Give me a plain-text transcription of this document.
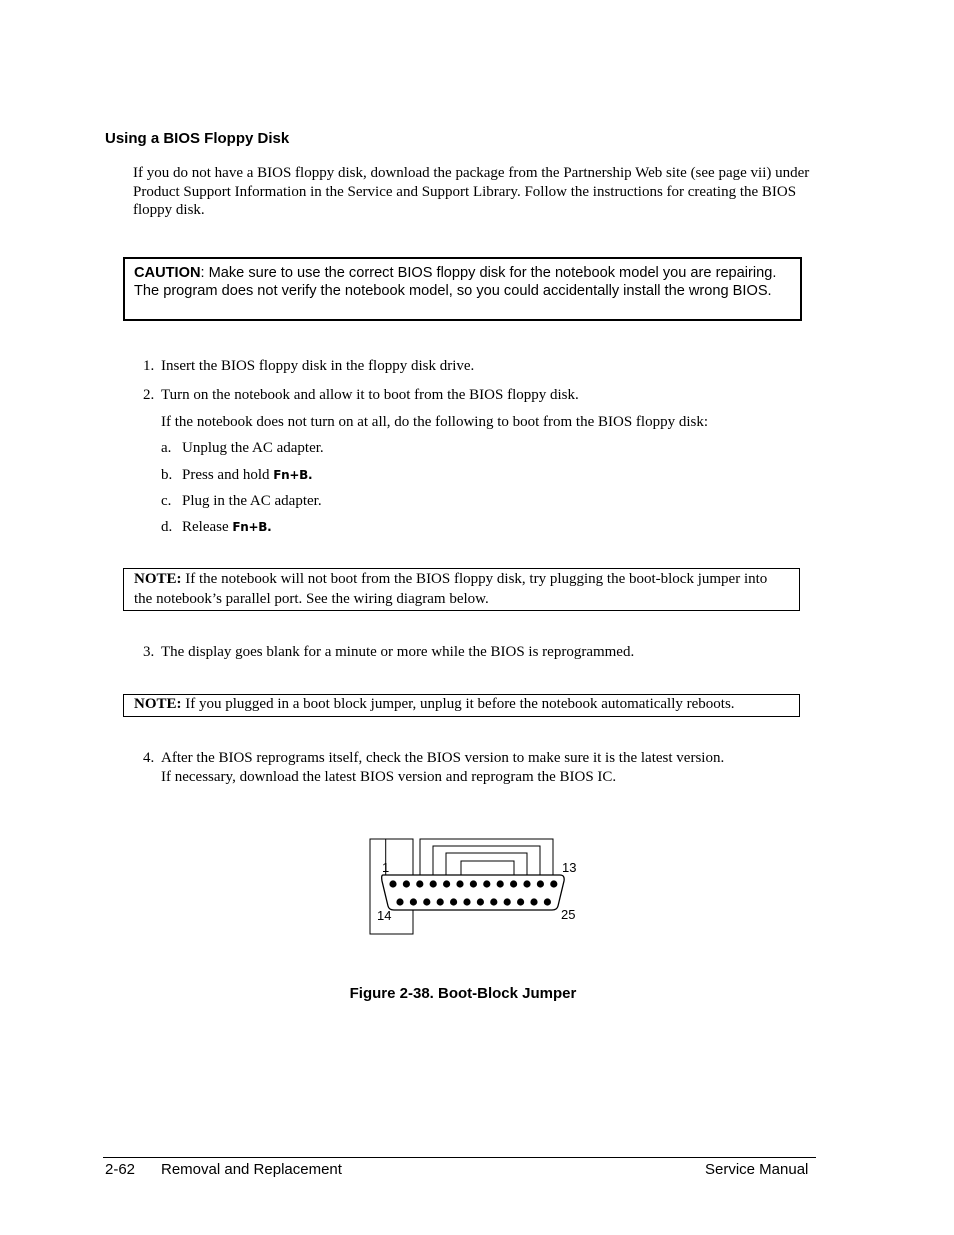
Using a BIOS Floppy Disk
If you do not have a BIOS floppy disk, download the package from the Partnership Web site (see page vii) under Product Support Information in the Service and Support Library. Follow the instructions for creating the BIOS floppy disk.
CAUTION: Make sure to use the correct BIOS floppy disk for the notebook model you are repairing. The program does not verify the notebook model, so you could accidentally install the wrong BIOS.
1. Insert the BIOS floppy disk in the floppy disk drive.
2. Turn on the notebook and allow it to boot from the BIOS floppy disk.
If the notebook does not turn on at all, do the following to boot from the BIOS floppy disk:
a. Unplug the AC adapter.
b. Press and hold Fn+B.
c. Plug in the AC adapter.
d. Release Fn+B.
NOTE: If the notebook will not boot from the BIOS floppy disk, try plugging the boot-block jumper into the notebook’s parallel port. See the wiring diagram below.
3. The display goes blank for a minute or more while the BIOS is reprogrammed.
NOTE: If you plugged in a boot block jumper, unplug it before the notebook automatically reboots.
4. After the BIOS reprograms itself, check the BIOS version to make sure it is the latest version.
If necessary, download the latest BIOS version and reprogram the BIOS IC.
1	13
14	25
Figure 2-38. Boot-Block Jumper
2-62 Removal and Replacement	Service Manual
